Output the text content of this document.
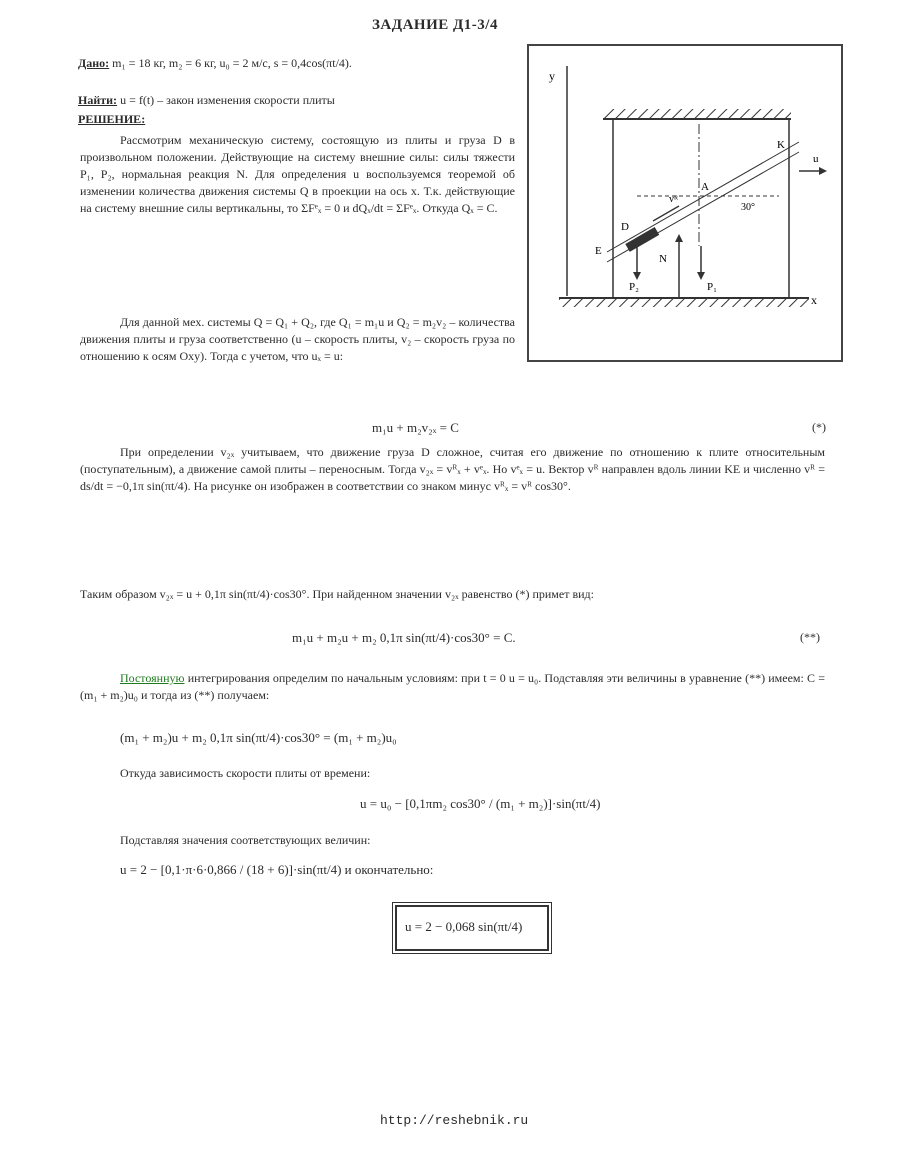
ЗАДАНИЕ Д1-3/4
Дано: m₁ = 18 кг, m₂ = 6 кг, u₀ = 2 м/с, s = 0,4cos(πt/4).
Найти: u = f(t) – закон изменения скорости плиты
РЕШЕНИЕ:
Рассмотрим механическую систему, состоящую из плиты и груза D в произвольном положении. Действующие на систему внешние силы: силы тяжести P₁, P₂, нормальная реакция N. Для определения u воспользуемся теоремой об изменении количества движения системы Q в проекции на ось x. Т.к. действующие на систему внешние силы вертикальны, то ΣFᵉₓ = 0 и dQₓ/dt = ΣFᵉₓ. Откуда Qₓ = C.
Для данной мех. системы Q = Q₁ + Q₂, где Q₁ = m₁u и Q₂ = m₂v₂ – количества движения плиты и груза соответственно (u – скорость плиты, v₂ – скорость груза по отношению к осям Oxy). Тогда с учетом, что uₓ = u:
m₁u + m₂v₂ₓ = C	(*)
При определении v₂ₓ учитываем, что движение груза D сложное, считая его движение по отношению к плите относительным (поступательным), а движение самой плиты – переносным. Тогда v₂ₓ = vᴿₓ + vᵉₓ. Но vᵉₓ = u. Вектор vᴿ направлен вдоль линии KE и численно vᴿ = ds/dt = −0,1π sin(πt/4). На рисунке он изображен в соответствии со знаком минус vᴿₓ = vᴿ cos30°.
Таким образом v₂ₓ = u + 0,1π sin(πt/4)·cos30°. При найденном значении v₂ₓ равенство (*) примет вид:
m₁u + m₂u + m₂ 0,1π sin(πt/4)·cos30° = C.	(**)
Постоянную интегрирования определим по начальным условиям: при t = 0 u = u₀. Подставляя эти величины в уравнение (**) имеем: C = (m₁ + m₂)u₀ и тогда из (**) получаем:
(m₁ + m₂)u + m₂ 0,1π sin(πt/4)·cos30° = (m₁ + m₂)u₀
Откуда зависимость скорости плиты от времени:
u = u₀ − [0,1πm₂ cos30° / (m₁ + m₂)]·sin(πt/4)
Подставляя значения соответствующих величин:
u = 2 − [0,1·π·6·0,866 / (18 + 6)]·sin(πt/4) и окончательно:
u = 2 − 0,068 sin(πt/4)
y
x
K
E
A
D
N
P₂	P₁
u
30°
vᴿ
http://reshebnik.ru
